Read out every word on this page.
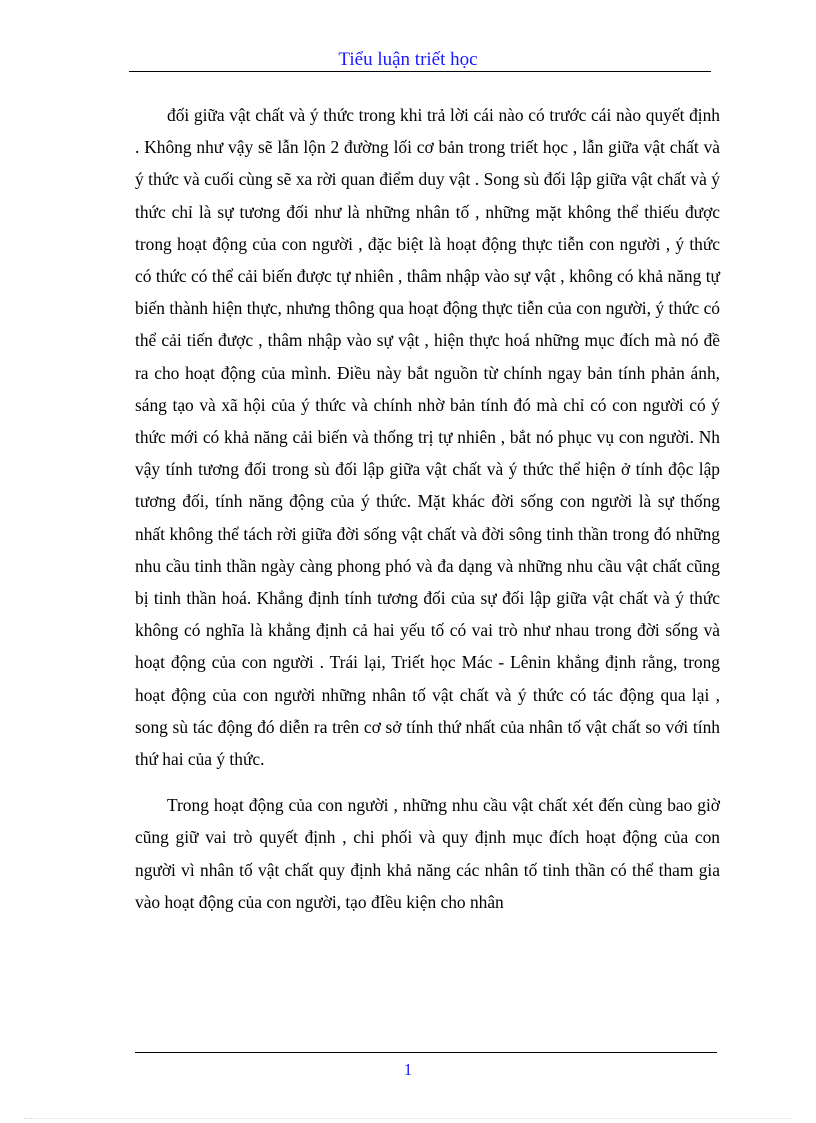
Tiểu luận triết học

đối giữa vật chất và ý thức trong khi trả lời cái nào có trước cái nào quyết định . Không như vậy sẽ lẫn lộn 2 đường lối cơ bản trong triết học , lẫn giữa vật chất và ý thức và cuối cùng sẽ xa rời quan điểm duy vật . Song sù đối lập giữa vật chất và ý thức chỉ là sự tương đối như là những nhân tố , những mặt không thể thiếu được trong hoạt động của con người , đặc biệt là hoạt động thực tiễn con người , ý thức có thức có thể cải biến được tự nhiên , thâm nhập vào sự vật , không có khả năng tự biến thành hiện thực, nhưng thông qua hoạt động thực tiễn của con người, ý thức có thể cải tiến được , thâm nhập vào sự vật , hiện thực hoá những mục đích mà nó đề ra cho hoạt động của mình. Điều này bắt nguồn từ chính ngay bản tính phản ánh, sáng tạo và xã hội của ý thức và chính nhờ bản tính đó mà chỉ có con người có ý thức mới có khả năng cải biến và thống trị tự nhiên , bắt nó phục vụ con người. Nh vậy tính tương đối trong sù đối lập giữa vật chất và ý thức thể hiện ở tính độc lập tương đối, tính năng động của ý thức. Mặt khác đời sống con người là sự thống nhất không thể tách rời giữa đời sống vật chất và đời sông tinh thần trong đó những nhu cầu tinh thần ngày càng phong phó và đa dạng và những nhu cầu vật chất cũng bị tinh thần hoá. Khẳng định tính tương đối của sự đối lập giữa vật chất và ý thức không có nghĩa là khẳng định cả hai yếu tố có vai trò như nhau trong đời sống và hoạt động của con người . Trái lại, Triết học Mác - Lênin khẳng định rằng, trong hoạt động của con người những nhân tố vật chất và ý thức có tác động qua lại , song sù tác động đó diễn ra trên cơ sở tính thứ nhất của nhân tố vật chất so với tính thứ hai của ý thức.

Trong hoạt động của con người , những nhu cầu vật chất xét đến cùng bao giờ cũng giữ vai trò quyết định , chi phối và quy định mục đích hoạt động của con người vì nhân tố vật chất quy định khả năng các nhân tố tinh thần có thể tham gia vào hoạt động của con người, tạo đIều kiện cho nhân

1
